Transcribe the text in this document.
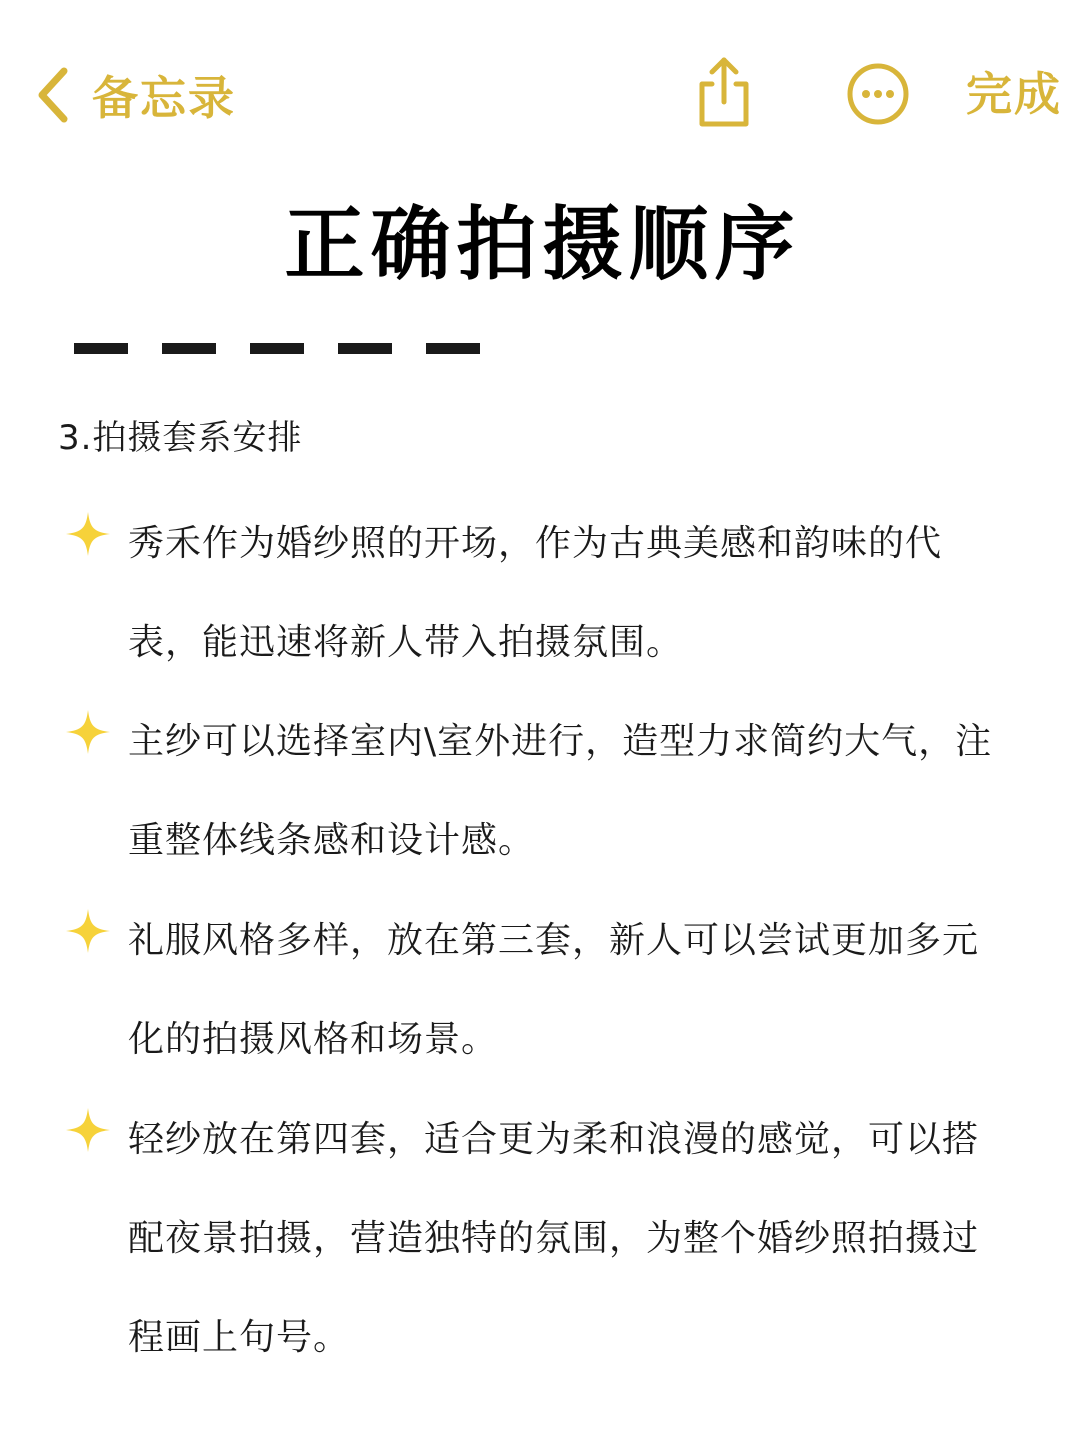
备忘录	完成
正确拍摄顺序
3.拍摄套系安排
秀禾作为婚纱照的开场，作为古典美感和韵味的代表，能迅速将新人带入拍摄氛围。
主纱可以选择室内\室外进行，造型力求简约大气，注重整体线条感和设计感。
礼服风格多样，放在第三套，新人可以尝试更加多元化的拍摄风格和场景。
轻纱放在第四套，适合更为柔和浪漫的感觉，可以搭配夜景拍摄，营造独特的氛围，为整个婚纱照拍摄过程画上句号。
